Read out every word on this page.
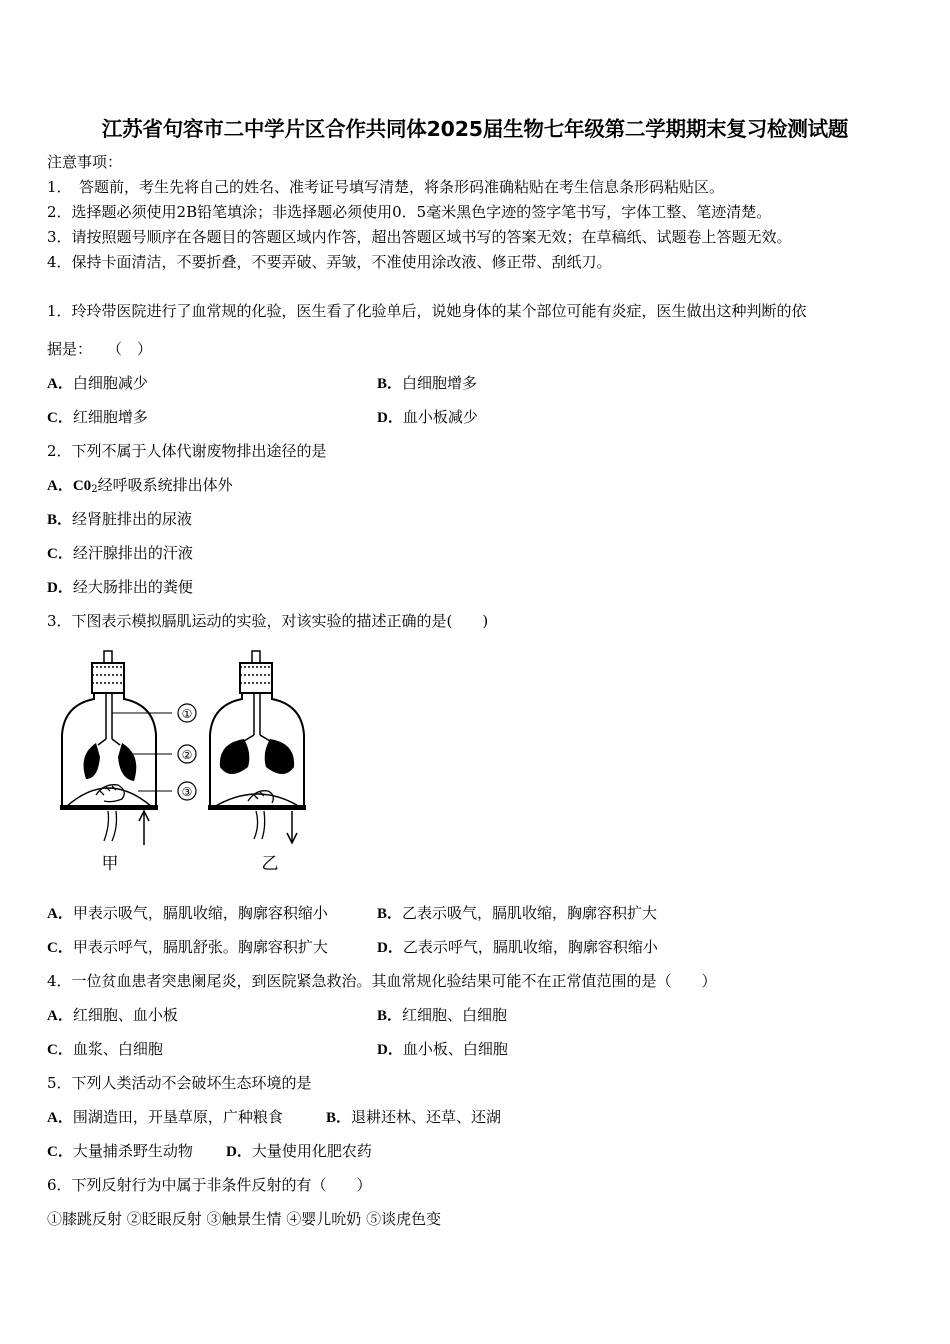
江苏省句容市二中学片区合作共同体2025届生物七年级第二学期期末复习检测试题
注意事项：
1．　答题前，考生先将自己的姓名、准考证号填写清楚，将条形码准确粘贴在考生信息条形码粘贴区。
2．选择题必须使用2B铅笔填涂；非选择题必须使用0．5毫米黑色字迹的签字笔书写，字体工整、笔迹清楚。
3．请按照题号顺序在各题目的答题区域内作答，超出答题区域书写的答案无效；在草稿纸、试题卷上答题无效。
4．保持卡面清洁，不要折叠，不要弄破、弄皱，不准使用涂改液、修正带、刮纸刀。
1．玲玲带医院进行了血常规的化验，医生看了化验单后，说她身体的某个部位可能有炎症，医生做出这种判断的依
据是：　　（　）
A．白细胞减少	B．白细胞增多
C．红细胞增多	D．血小板减少
2．下列不属于人体代谢废物排出途径的是
A．$C0_2$经呼吸系统排出体外
B．经肾脏排出的尿液
C．经汗腺排出的汗液
D．经大肠排出的粪便
3．下图表示模拟膈肌运动的实验，对该实验的描述正确的是(　　)
①
②
③
甲	乙
A．甲表示吸气，膈肌收缩，胸廓容积缩小	B．乙表示吸气，膈肌收缩，胸廓容积扩大
C．甲表示呼气，膈肌舒张。胸廓容积扩大	D．乙表示呼气，膈肌收缩，胸廓容积缩小
4．一位贫血患者突患阑尾炎，到医院紧急救治。其血常规化验结果可能不在正常值范围的是（　　）
A．红细胞、血小板	B．红细胞、白细胞
C．血浆、白细胞	D．血小板、白细胞
5．下列人类活动不会破坏生态环境的是
A．围湖造田，开垦草原，广种粮食	B．退耕还林、还草、还湖
C．大量捕杀野生动物 D．大量使用化肥农药
6．下列反射行为中属于非条件反射的有（　　）
①膝跳反射 ②眨眼反射 ③触景生情 ④婴儿吮奶 ⑤谈虎色变
